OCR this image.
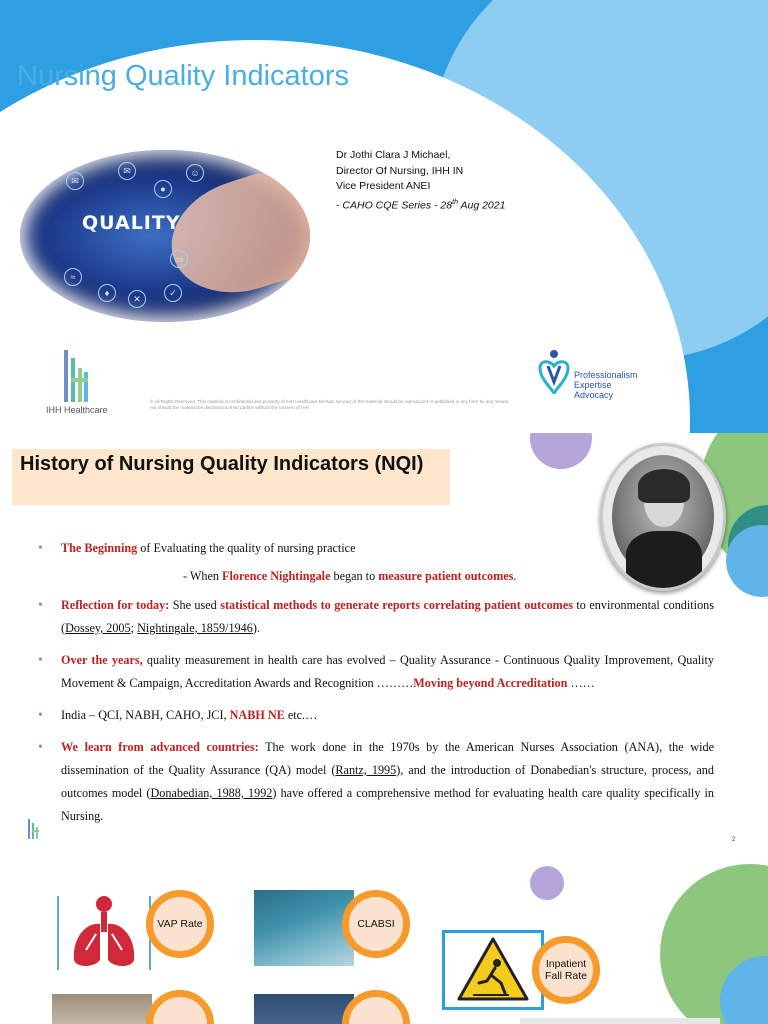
Nursing Quality Indicators
Dr Jothi Clara J Michael,
Director Of Nursing, IHH IN
Vice President ANEI
- CAHO CQE Series - 28th Aug 2021
QUALITY
✉
✉
●
☺
≈
♦
✕
✓
▭
IHH Healthcare
© All Rights Reserved. This material is confidential and property of IHH Healthcare Berhad. No part of this material should be reproduced or published in any form by any means, nor should the material be disclosed to third parties without the consent of IHH.
Professionalism
Expertise
Advocacy
History of Nursing Quality Indicators (NQI)
• The Beginning of Evaluating the quality of nursing practice
- When Florence Nightingale began to measure patient outcomes.
• Reflection for today: She used statistical methods to generate reports correlating patient outcomes to environmental conditions (Dossey, 2005; Nightingale, 1859/1946).
• Over the years, quality measurement in health care has evolved – Quality Assurance - Continuous Quality Improvement, Quality Movement & Campaign, Accreditation Awards and Recognition ………Moving beyond Accreditation ……
• India – QCI, NABH, CAHO, JCI, NABH NE etc.…
• We learn from advanced countries: The work done in the 1970s by the American Nurses Association (ANA), the wide dissemination of the Quality Assurance (QA) model (Rantz, 1995), and the introduction of Donabedian's structure, process, and outcomes model (Donabedian, 1988, 1992) have offered a comprehensive method for evaluating health care quality specifically in Nursing.
2
VAP Rate	CLABSI
Inpatient Fall Rate
